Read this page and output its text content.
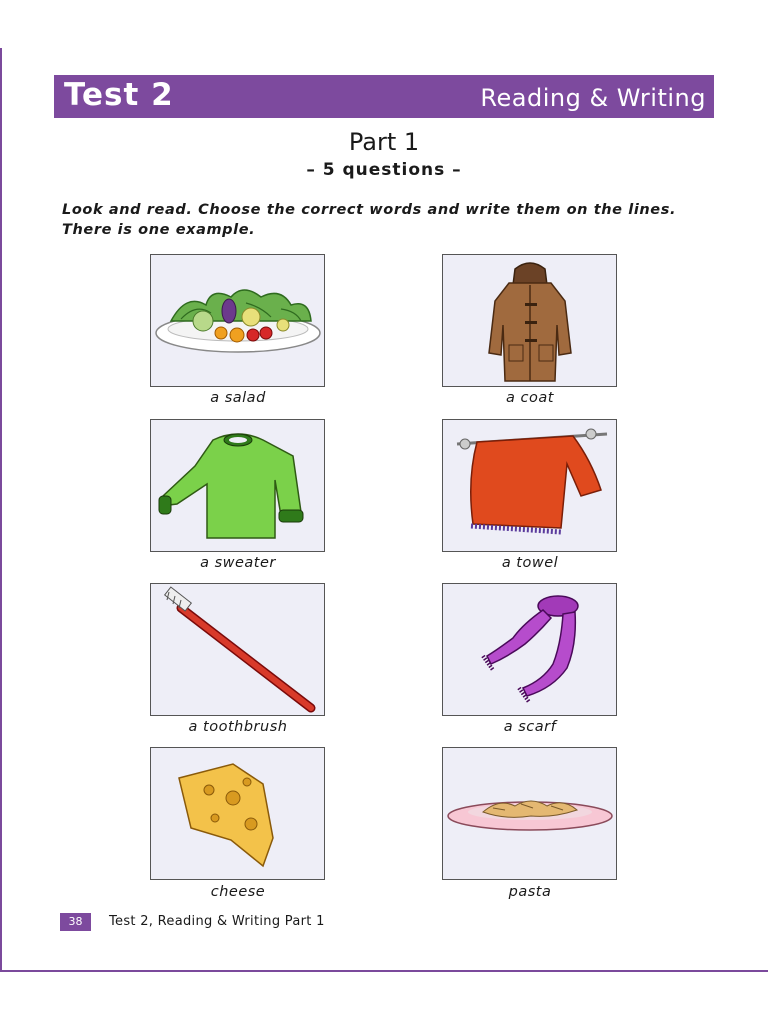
Test 2	Reading & Writing
Part 1
– 5 questions –
Look and read. Choose the correct words and write them on the lines.
There is one example.
a salad	a coat
a sweater	a towel
a toothbrush	a scarf
cheese	pasta
38	Test 2, Reading & Writing Part 1
